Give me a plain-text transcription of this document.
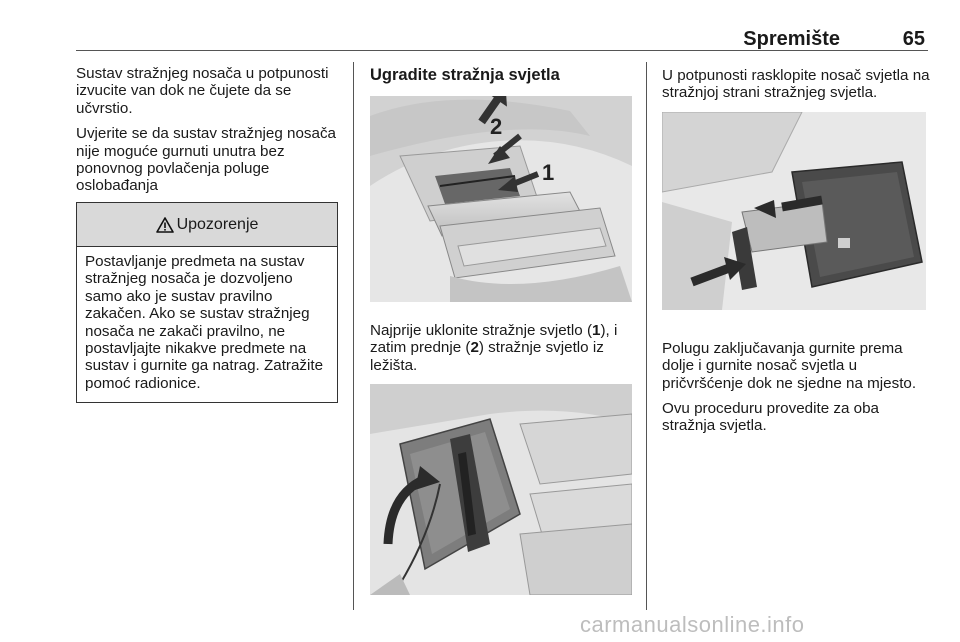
Spremište	65

Sustav stražnjeg nosača u potpunosti izvucite van dok ne čujete da se učvrstio.

Uvjerite se da sustav stražnjeg nosača nije moguće gurnuti unutra bez ponovnog povlačenja poluge oslobađanja

Upozorenje
Postavljanje predmeta na sustav stražnjeg nosača je dozvoljeno samo ako je sustav pravilno zakačen. Ako se sustav stražnjeg nosača ne zakači pravilno, ne postavljajte nikakve predmete na sustav i gurnite ga natrag. Zatražite pomoć radionice.
Ugradite stražnja svjetla
2
1
Najprije uklonite stražnje svjetlo (1), i zatim prednje (2) stražnje svjetlo iz ležišta.

U potpunosti rasklopite nosač svjetla na stražnjoj strani stražnjeg svjetla.

Polugu zaključavanja gurnite prema dolje i gurnite nosač svjetla u pričvršćenje dok ne sjedne na mjesto.
Ovu proceduru provedite za oba stražnja svjetla.
carmanualsonline.info
